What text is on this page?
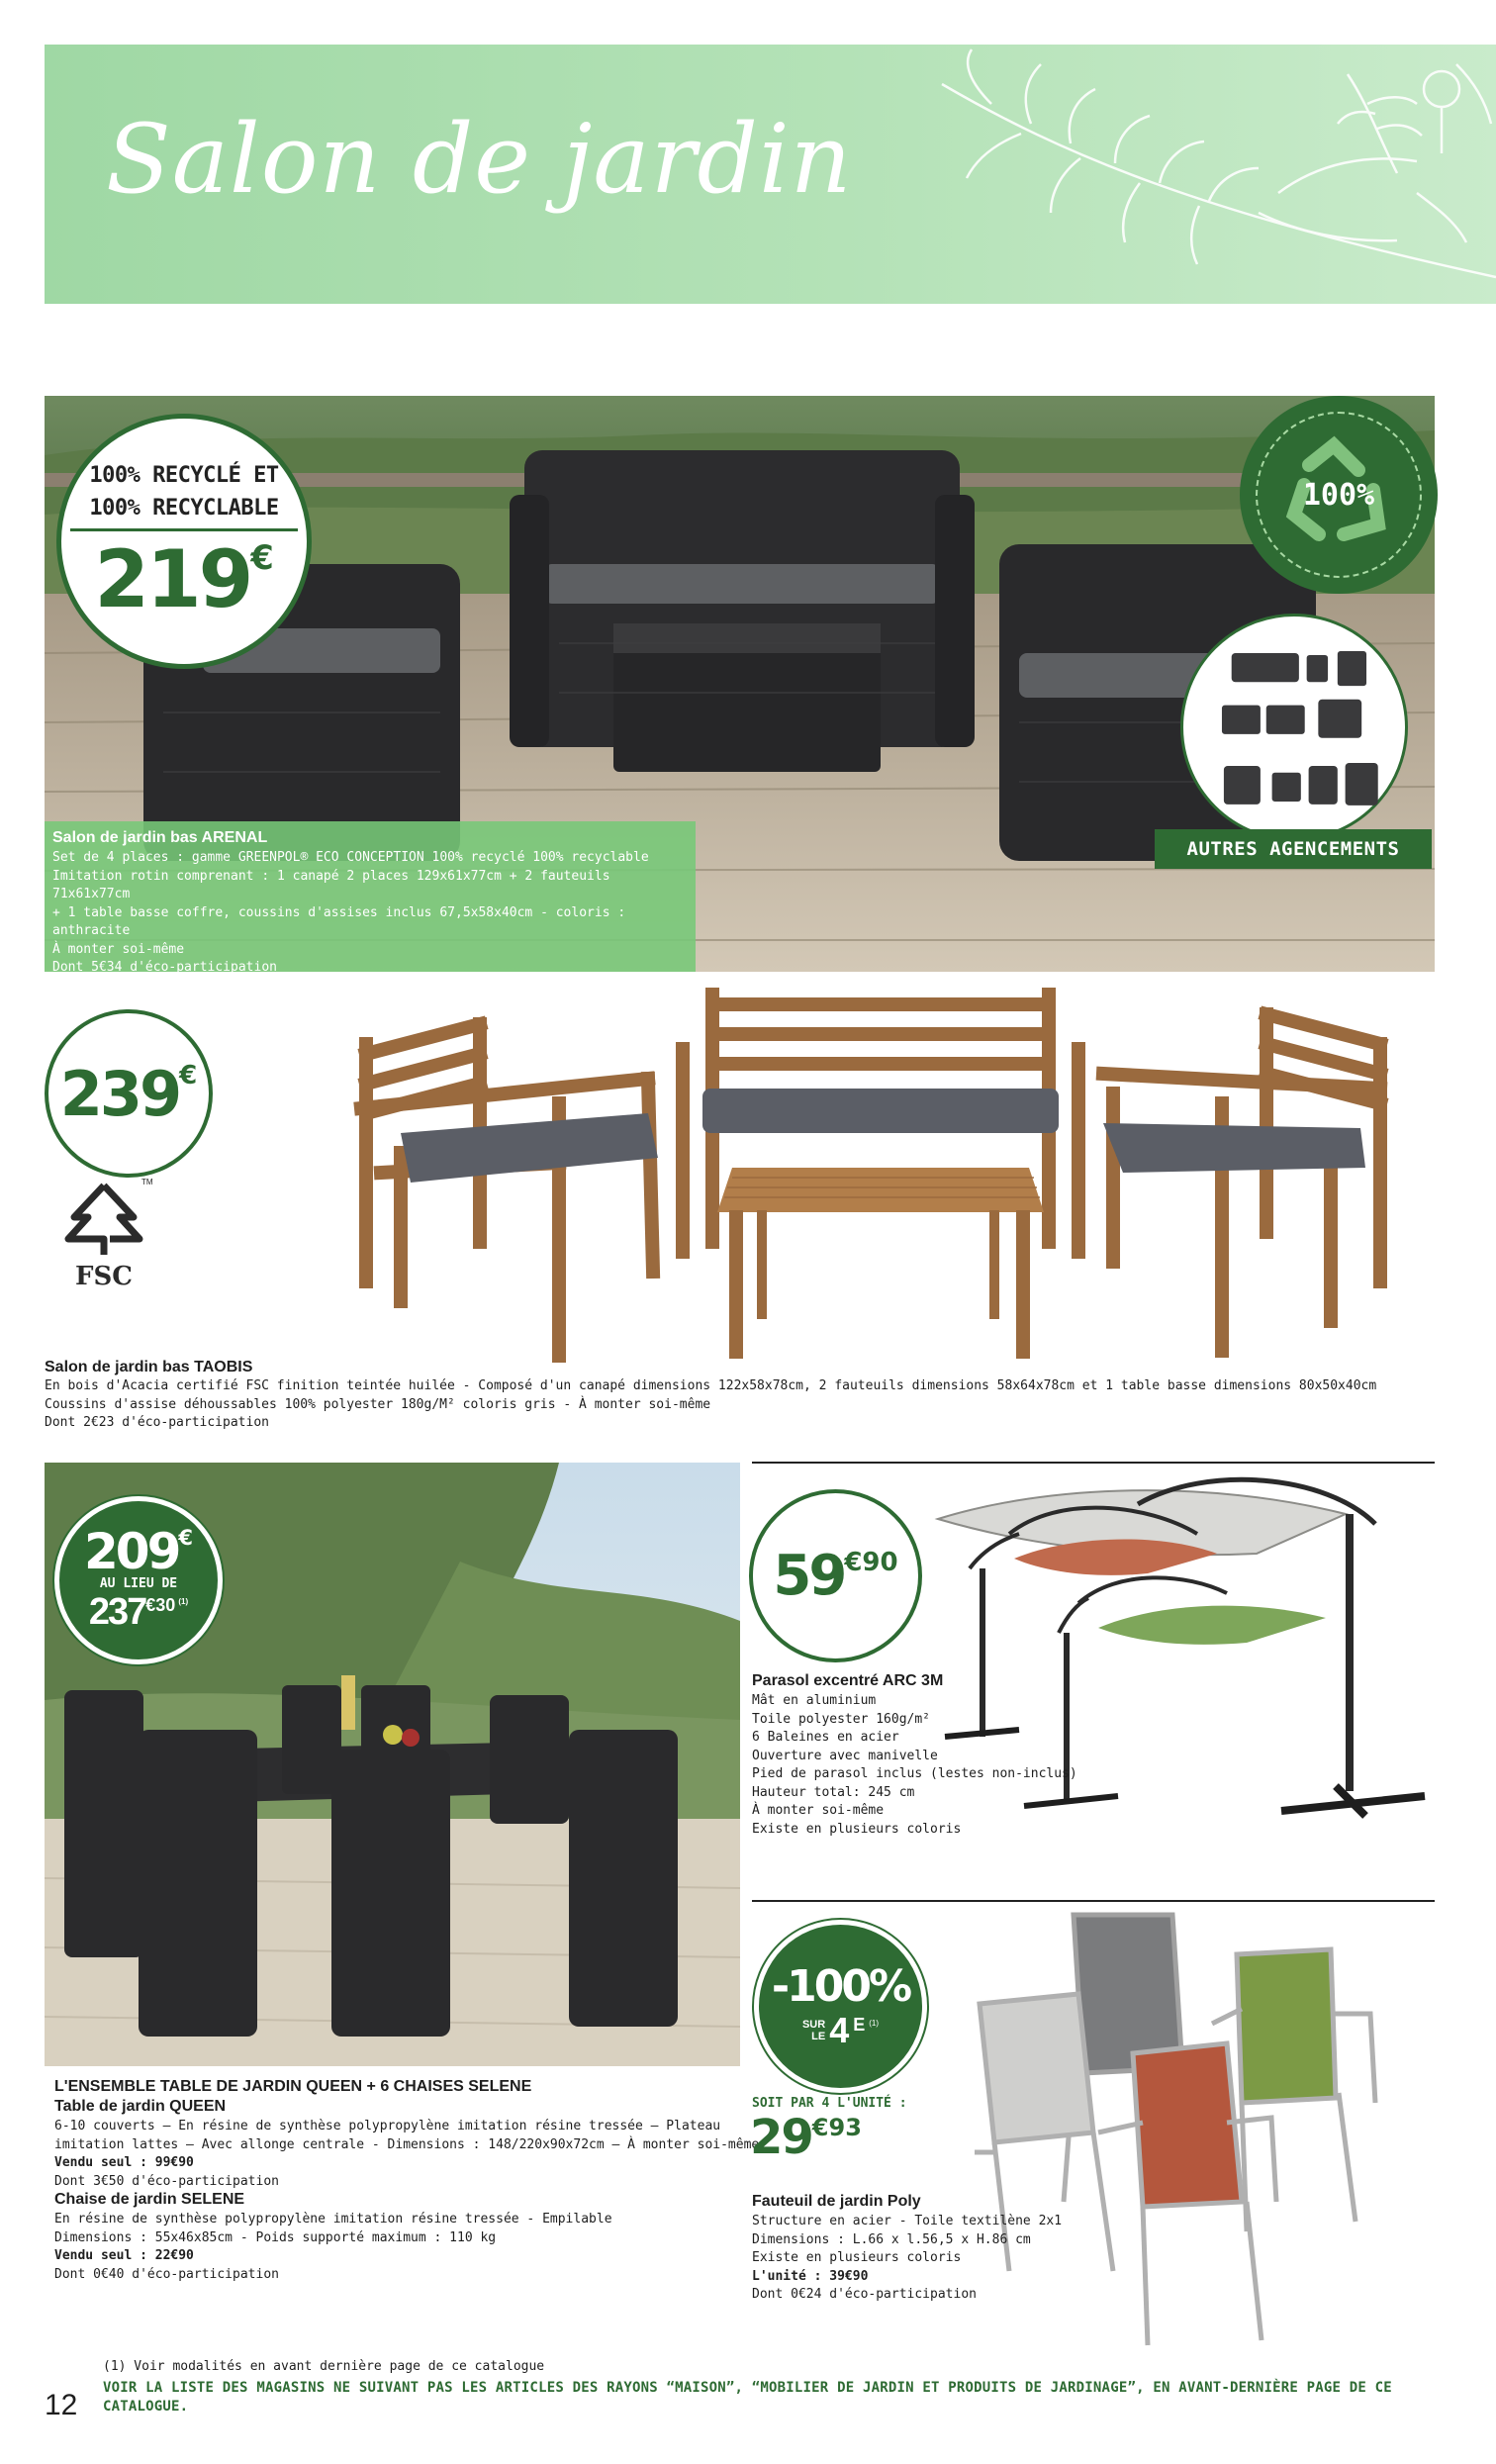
Salon de jardin
100% RECYCLÉ ET
100% RECYCLABLE
219€
100%
AUTRES AGENCEMENTS
Salon de jardin bas ARENAL
Set de 4 places : gamme GREENPOL® ECO CONCEPTION 100% recyclé 100% recyclable
Imitation rotin comprenant : 1 canapé 2 places 129x61x77cm + 2 fauteuils 71x61x77cm
+ 1 table basse coffre, coussins d'assises inclus 67,5x58x40cm - coloris : anthracite
À monter soi-même
Dont 5€34 d'éco-participation
239€
TM
FSC
Salon de jardin bas TAOBIS
En bois d'Acacia certifié FSC finition teintée huilée - Composé d'un canapé dimensions 122x58x78cm, 2 fauteuils dimensions 58x64x78cm et 1 table basse dimensions 80x50x40cm
Coussins d'assise déhoussables 100% polyester 180g/M² coloris gris - À monter soi-même
Dont 2€23 d'éco-participation
209€
AU LIEU DE
237 €30 (1)
L'ENSEMBLE TABLE DE JARDIN QUEEN + 6 CHAISES SELENE
Table de jardin QUEEN
6-10 couverts – En résine de synthèse polypropylène imitation résine tressée – Plateau
imitation lattes – Avec allonge centrale - Dimensions : 148/220x90x72cm – À monter soi-même
Vendu seul : 99€90
Dont 3€50 d'éco-participation
Chaise de jardin SELENE
En résine de synthèse polypropylène imitation résine tressée - Empilable
Dimensions : 55x46x85cm - Poids supporté maximum : 110 kg
Vendu seul : 22€90
Dont 0€40 d'éco-participation
$59^{€90}$
Parasol excentré ARC 3M
Mât en aluminium
Toile polyester 160g/m²
6 Baleines en acier
Ouverture avec manivelle
Pied de parasol inclus (lestes non-inclus)
Hauteur total: 245 cm
À monter soi-même
Existe en plusieurs coloris
-100%
SUR
LE 4 E (1)
SOIT PAR 4 L'UNITÉ :
$29^{€93}$
Fauteuil de jardin Poly
Structure en acier - Toile textilène 2x1
Dimensions : L.66 x l.56,5 x H.86 cm
Existe en plusieurs coloris
L'unité : 39€90
Dont 0€24 d'éco-participation
(1) Voir modalités en avant dernière page de ce catalogue
VOIR LA LISTE DES MAGASINS NE SUIVANT PAS LES ARTICLES DES RAYONS “MAISON”, “MOBILIER DE JARDIN ET PRODUITS DE JARDINAGE”, EN AVANT-DERNIÈRE PAGE DE CE CATALOGUE.
12
